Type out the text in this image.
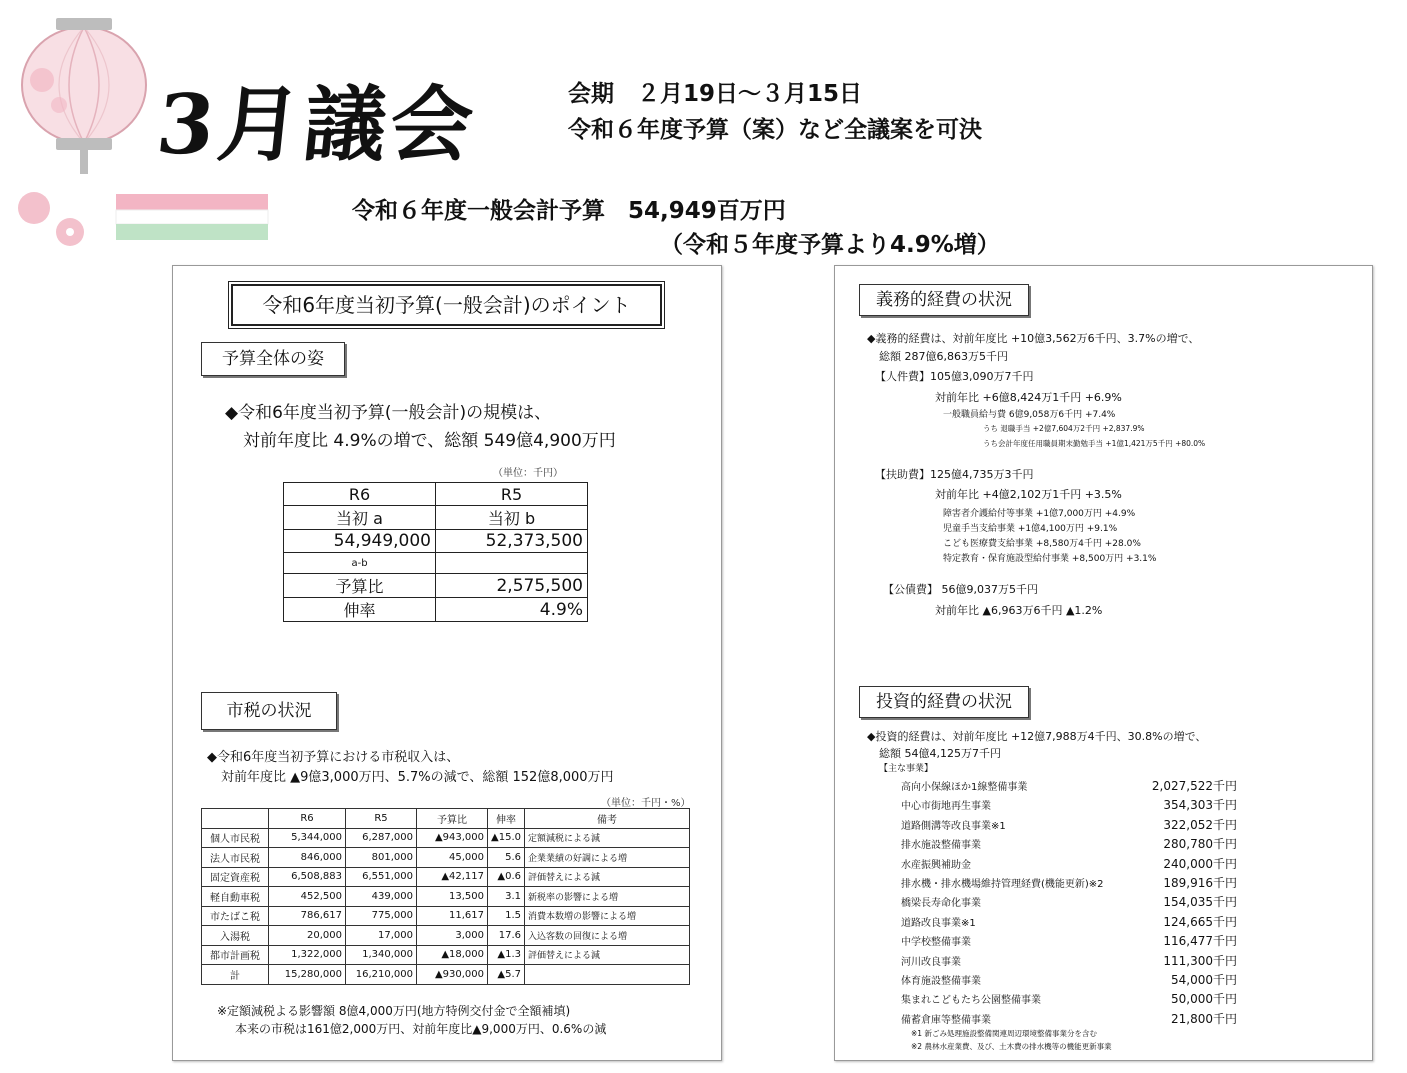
3月議会	会期　２月19日～３月15日
令和６年度予算（案）など全議案を可決
令和６年度一般会計予算　54,949百万円
（令和５年度予算より4.9%増）
令和6年度当初予算(一般会計)のポイント
予算全体の姿
◆令和6年度当初予算(一般会計)の規模は、
対前年度比 4.9%の増で、総額 549億4,900万円
（単位：千円）
R6	R5
当初 a	当初 b
54,949,000	52,373,500
a-b	
予算比	2,575,500
伸率	4.9%
市税の状況
◆令和6年度当初予算における市税収入は、
対前年度比 ▲9億3,000万円、5.7%の減で、総額 152億8,000万円
（単位：千円・%）
	R6	R5	予算比	伸率	備考
個人市民税	5,344,000	6,287,000	▲943,000	▲15.0	定額減税による減
法人市民税	846,000	801,000	45,000	5.6	企業業績の好調による増
固定資産税	6,508,883	6,551,000	▲42,117	▲0.6	評価替えによる減
軽自動車税	452,500	439,000	13,500	3.1	新税率の影響による増
市たばこ税	786,617	775,000	11,617	1.5	消費本数増の影響による増
入湯税	20,000	17,000	3,000	17.6	入込客数の回復による増
都市計画税	1,322,000	1,340,000	▲18,000	▲1.3	評価替えによる減
計	15,280,000	16,210,000	▲930,000	▲5.7	
※定額減税よる影響額 8億4,000万円(地方特例交付金で全額補填)
本来の市税は161億2,000万円、対前年度比▲9,000万円、0.6%の減
義務的経費の状況
◆義務的経費は、対前年度比 +10億3,562万6千円、3.7%の増で、
総額 287億6,863万5千円
【人件費】105億3,090万7千円
対前年比 +6億8,424万1千円 +6.9%
一般職員給与費 6億9,058万6千円 +7.4%
うち 退職手当 +2億7,604万2千円 +2,837.9%
うち会計年度任用職員期末勤勉手当 +1億1,421万5千円 +80.0%
【扶助費】125億4,735万3千円
対前年比 +4億2,102万1千円 +3.5%
障害者介護給付等事業 +1億7,000万円 +4.9%
児童手当支給事業 +1億4,100万円 +9.1%
こども医療費支給事業 +8,580万4千円 +28.0%
特定教育・保育施設型給付事業 +8,500万円 +3.1%
【公債費】 56億9,037万5千円
対前年比 ▲6,963万6千円 ▲1.2%
投資的経費の状況
◆投資的経費は、対前年度比 +12億7,988万4千円、30.8%の増で、
総額 54億4,125万7千円
【主な事業】
高向小保線ほか1線整備事業	2,027,522千円
中心市街地再生事業	354,303千円
道路側溝等改良事業※1	322,052千円
排水施設整備事業	280,780千円
水産振興補助金	240,000千円
排水機・排水機場維持管理経費(機能更新)※2	189,916千円
橋梁長寿命化事業	154,035千円
道路改良事業※1	124,665千円
中学校整備事業	116,477千円
河川改良事業	111,300千円
体育施設整備事業	54,000千円
集まれこどもたち公園整備事業	50,000千円
備蓄倉庫等整備事業	21,800千円
※1 新ごみ処理施設整備関連周辺環境整備事業分を含む
※2 農林水産業費、及び、土木費の排水機等の機能更新事業
